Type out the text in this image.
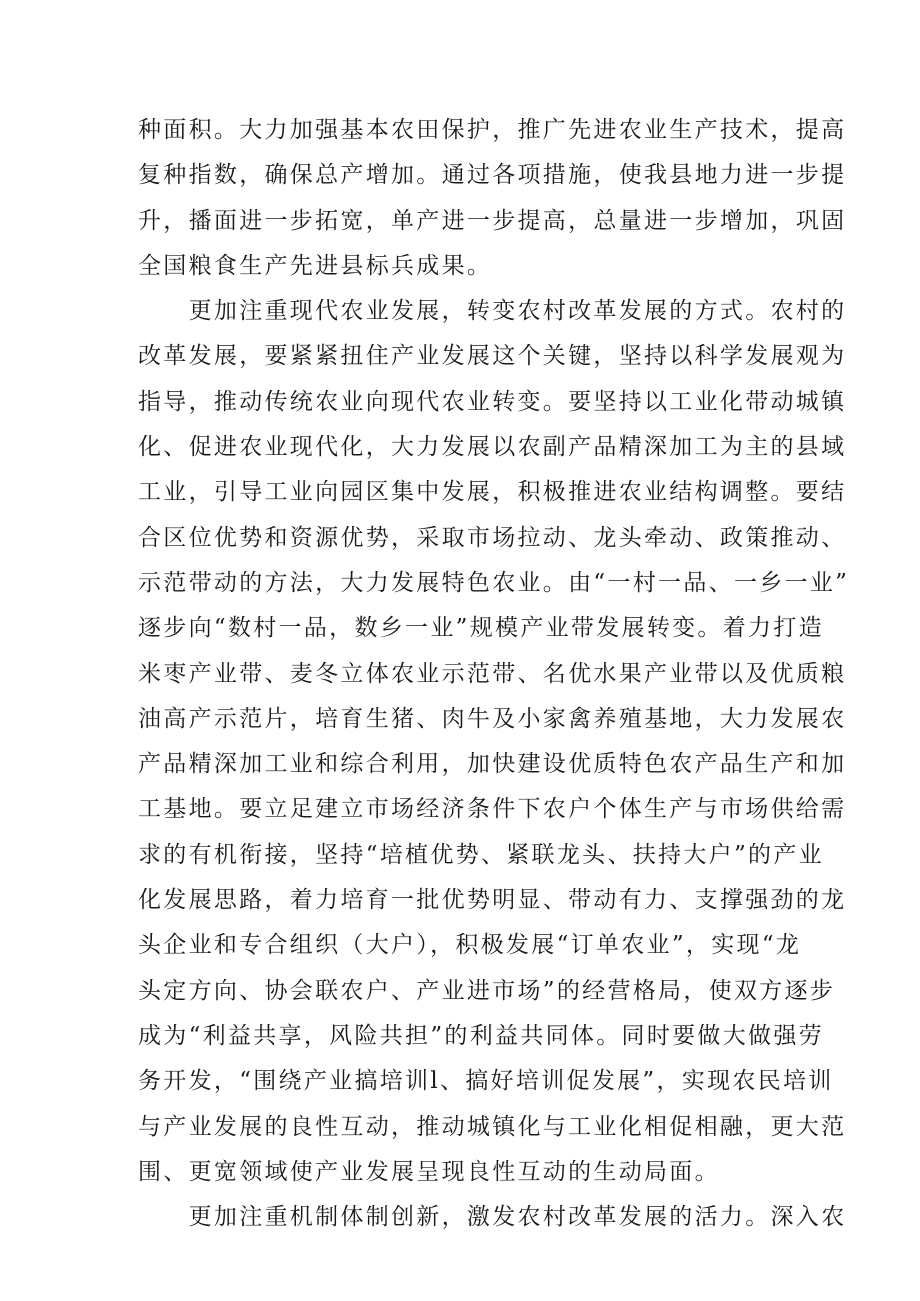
种面积。大力加强基本农田保护，推广先进农业生产技术，提高
复种指数，确保总产增加。通过各项措施，使我县地力进一步提
升，播面进一步拓宽，单产进一步提高，总量进一步增加，巩固
全国粮食生产先进县标兵成果。
　　更加注重现代农业发展，转变农村改革发展的方式。农村的
改革发展，要紧紧扭住产业发展这个关键，坚持以科学发展观为
指导，推动传统农业向现代农业转变。要坚持以工业化带动城镇
化、促进农业现代化，大力发展以农副产品精深加工为主的县域
工业，引导工业向园区集中发展，积极推进农业结构调整。要结
合区位优势和资源优势，采取市场拉动、龙头牵动、政策推动、
示范带动的方法，大力发展特色农业。由“一村一品、一乡一业”
逐步向“数村一品，数乡一业”规模产业带发展转变。着力打造
米枣产业带、麦冬立体农业示范带、名优水果产业带以及优质粮
油高产示范片，培育生猪、肉牛及小家禽养殖基地，大力发展农
产品精深加工业和综合利用，加快建设优质特色农产品生产和加
工基地。要立足建立市场经济条件下农户个体生产与市场供给需
求的有机衔接，坚持“培植优势、紧联龙头、扶持大户”的产业
化发展思路，着力培育一批优势明显、带动有力、支撑强劲的龙
头企业和专合组织（大户），积极发展“订单农业”，实现“龙
头定方向、协会联农户、产业进市场”的经营格局，使双方逐步
成为“利益共享，风险共担”的利益共同体。同时要做大做强劳
务开发，“围绕产业搞培训l、搞好培训促发展”，实现农民培训
与产业发展的良性互动，推动城镇化与工业化相促相融，更大范
围、更宽领域使产业发展呈现良性互动的生动局面。
　　更加注重机制体制创新，激发农村改革发展的活力。深入农
